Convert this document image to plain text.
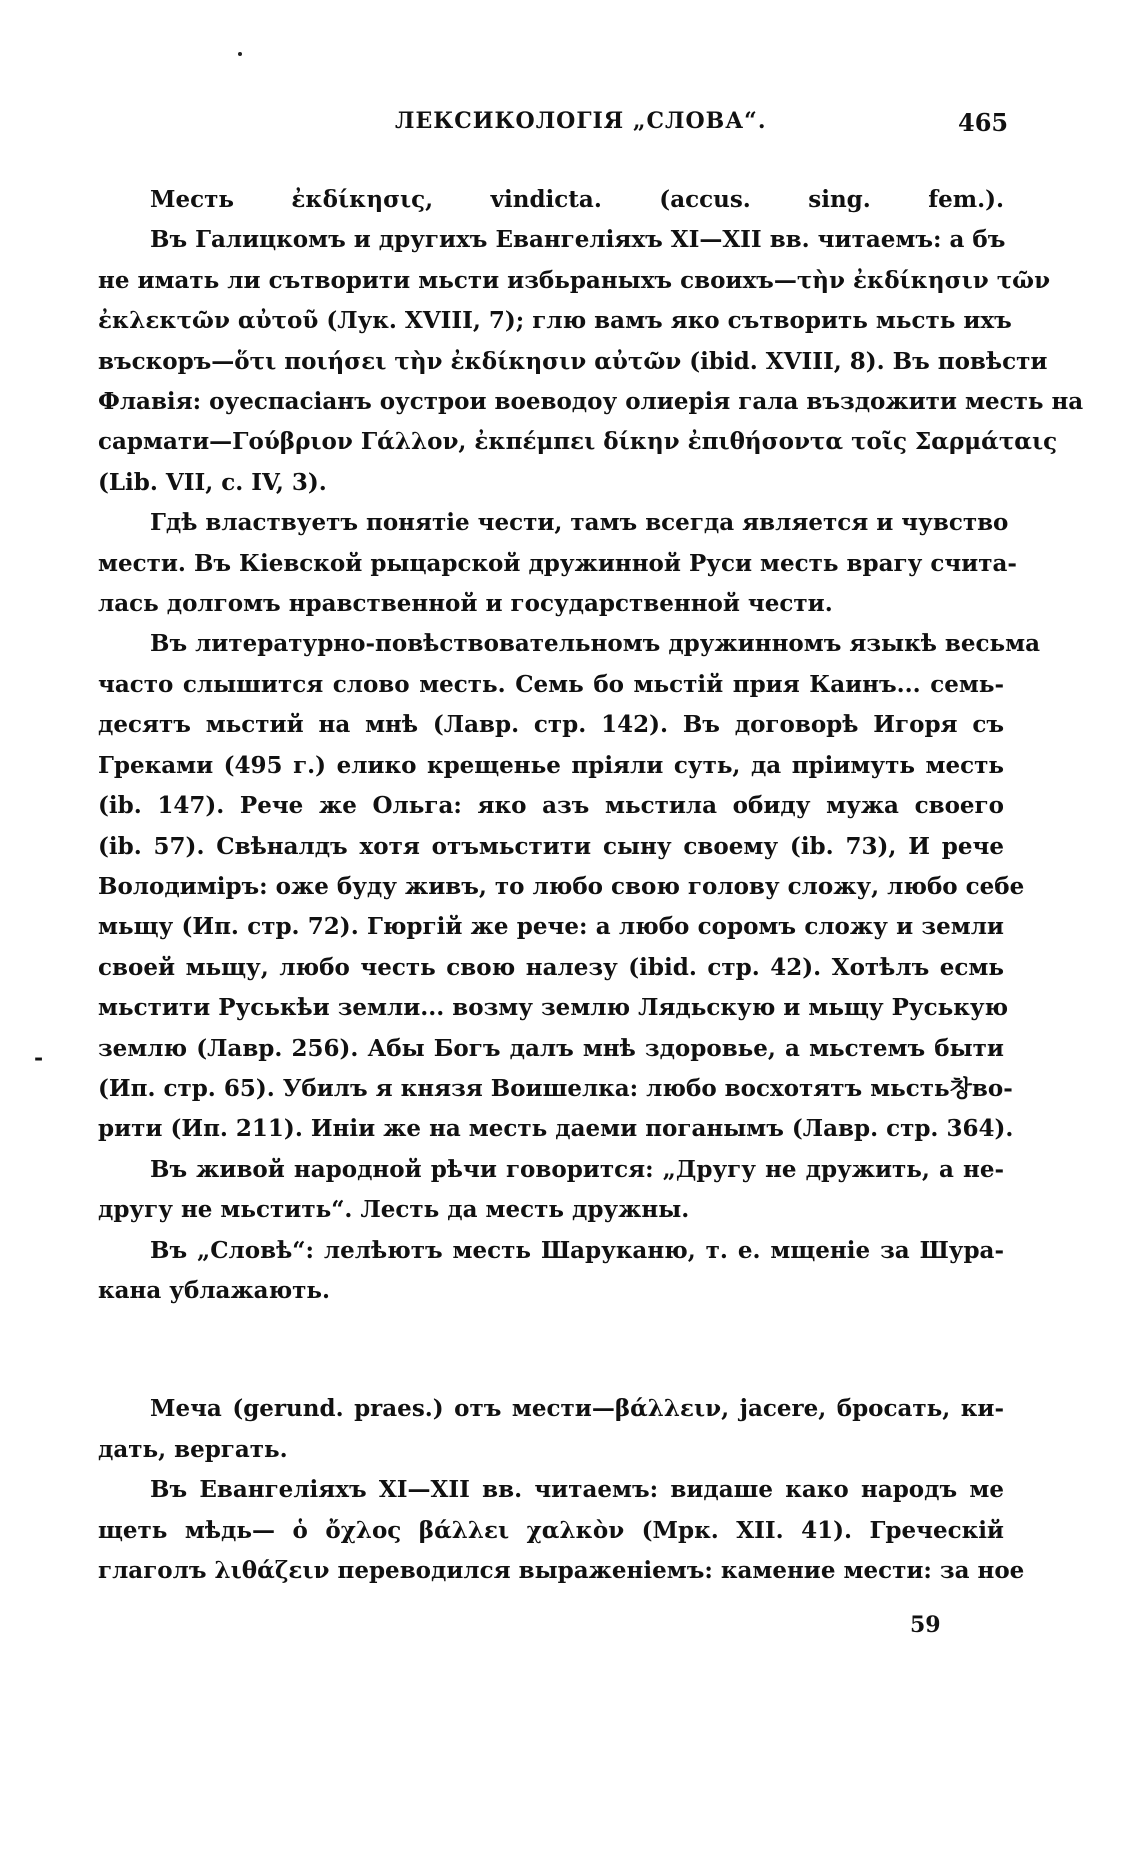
ЛЕКСИКОЛОГІЯ „СЛОВА“.	465
Месть ἐκδίκησις, vindicta. (accus. sing. fem.).
Въ Галицкомъ и другихъ Евангеліяхъ XI—XII вв. читаемъ: а бъ
не имать ли сътворити мьсти избьраныхъ своихъ—τὴν ἐκδίκησιν τῶν
ἐκλεκτῶν αὐτοῦ (Лук. XVIII, 7); глю вамъ яко сътворить мьсть ихъ
въскоръ—ὅτι ποιήσει τὴν ἐκδίκησιν αὐτῶν (ibid. XVIII, 8). Въ повѣсти
Флавія: оуеспасіанъ оустрои воеводоу олиерія гала въздожити месть на
сармати—Γούβριον Γάλλον, ἐκπέμπει δίκην ἐπιθήσοντα τοῖς Σαρμάταις
(Lib. VII, c. IV, 3).
Гдѣ властвуетъ понятіе чести, тамъ всегда является и чувство
мести. Въ Кіевской рыцарской дружинной Руси месть врагу счита-
лась долгомъ нравственной и государственной чести.
Въ литературно-повѣствовательномъ дружинномъ языкѣ весьма
часто слышится слово месть. Семь бо мьстій прия Каинъ... семь-
десятъ мьстий на мнѣ (Лавр. стр. 142). Въ договорѣ Игоря съ
Греками (495 г.) елико крещенье пріяли суть, да пріимуть месть
(ib. 147). Рече же Ольга: яко азъ мьстила обиду мужа своего
(ib. 57). Свѣналдъ хотя отъмьстити сыну своему (ib. 73), И рече
Володиміръ: оже буду живъ, то любо свою голову сложу, любо себе
мьщу (Ип. стр. 72). Гюргій же рече: а любо соромъ сложу и земли
своей мьщу, любо честь свою налезу (ibid. стр. 42). Хотѣлъ есмь
мьстити Руськѣи земли... возму землю Лядьскую и мьщу Руськую
землю (Лавр. 256). Абы Богъ далъ мнѣ здоровье, а мьстемъ быти
(Ип. стр. 65). Убилъ я князя Воишелка: любо восхотятъ мьсть창во-
рити (Ип. 211). Иніи же на месть даеми поганымъ (Лавр. стр. 364).
Въ живой народной рѣчи говорится: „Другу не дружить, а не-
другу не мьстить“. Лесть да месть дружны.
Въ „Словѣ“: лелѣютъ месть Шаруканю, т. е. мщеніе за Шура-
кана ублажають.
Меча (gerund. praes.) отъ мести—βάλλειν, jacere, бросать, ки-
дать, вергать.
Въ Евангеліяхъ XI—XII вв. читаемъ: видаше како народъ ме
щеть мѣдь— ὁ ὄχλος βάλλει χαλκὸν (Мрк. XII. 41). Греческій
глаголъ λιθάζειν переводился выраженіемъ: камение мести: за ное
-
59
